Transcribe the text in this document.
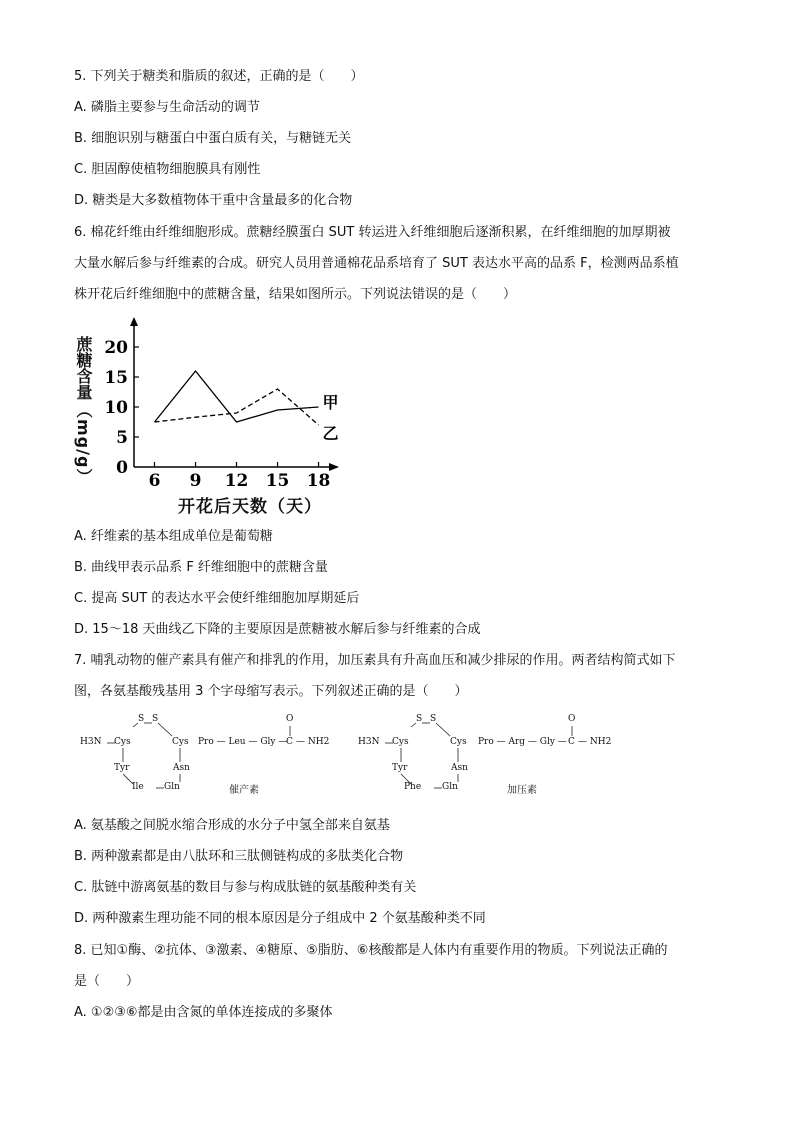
5. 下列关于糖类和脂质的叙述，正确的是（　　）
A. 磷脂主要参与生命活动的调节
B. 细胞识别与糖蛋白中蛋白质有关，与糖链无关
C. 胆固醇使植物细胞膜具有刚性
D. 糖类是大多数植物体干重中含量最多的化合物
6. 棉花纤维由纤维细胞形成。蔗糖经膜蛋白 SUT 转运进入纤维细胞后逐渐积累，在纤维细胞的加厚期被
大量水解后参与纤维素的合成。研究人员用普通棉花品系培育了 SUT 表达水平高的品系 F，检测两品系植
株开花后纤维细胞中的蔗糖含量，结果如图所示。下列说法错误的是（　　）
蔗糖含量
（mg/g） 0
5
10
15
20
6 9 12 15 18
甲
乙
开花后天数（天）
A. 纤维素的基本组成单位是葡萄糖
B. 曲线甲表示品系 F 纤维细胞中的蔗糖含量
C. 提高 SUT 的表达水平会使纤维细胞加厚期延后
D. 15～18 天曲线乙下降的主要原因是蔗糖被水解后参与纤维素的合成
7. 哺乳动物的催产素具有催产和排乳的作用，加压素具有升高血压和减少排尿的作用。两者结构简式如下
图，各氨基酸残基用 3 个字母缩写表示。下列叙述正确的是（　　）
H3N
S S
Cys	Cys Pro — Leu — Gly —
C
O
— NH2
Tyr	Asn
Ile Gln	催产素
H3N
S S
Cys	Cys Pro — Arg — Gly — C
O
— NH2
Tyr	Asn
Phe Gln	加压素
A. 氨基酸之间脱水缩合形成的水分子中氢全部来自氨基
B. 两种激素都是由八肽环和三肽侧链构成的多肽类化合物
C. 肽链中游离氨基的数目与参与构成肽链的氨基酸种类有关
D. 两种激素生理功能不同的根本原因是分子组成中 2 个氨基酸种类不同
8. 已知①酶、②抗体、③激素、④糖原、⑤脂肪、⑥核酸都是人体内有重要作用的物质。下列说法正确的
是（　　）
A. ①②③⑥都是由含氮的单体连接成的多聚体
